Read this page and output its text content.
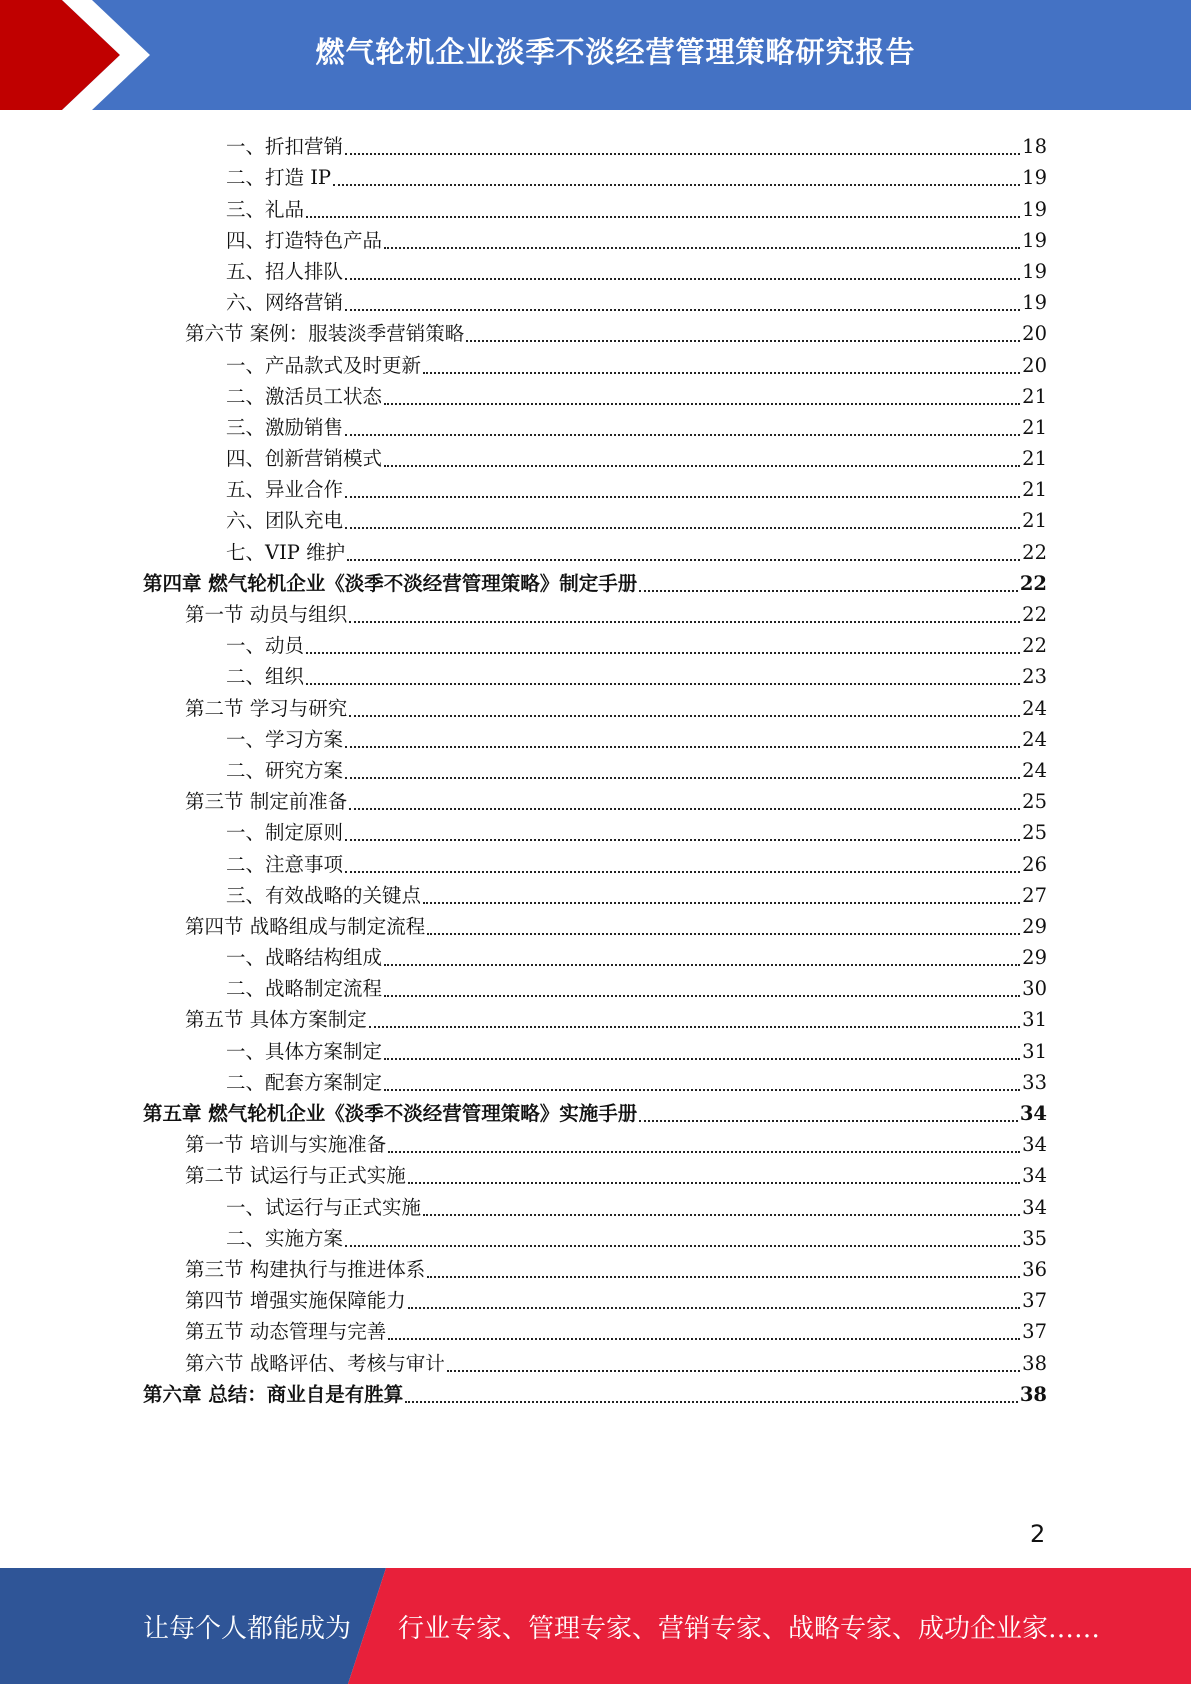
燃气轮机企业淡季不淡经营管理策略研究报告
一、折扣营销	18
二、打造 IP	19
三、礼品	19
四、打造特色产品	19
五、招人排队	19
六、网络营销	19
第六节 案例：服装淡季营销策略	20
一、产品款式及时更新	20
二、激活员工状态	21
三、激励销售	21
四、创新营销模式	21
五、异业合作	21
六、团队充电	21
七、VIP 维护	22
第四章 燃气轮机企业《淡季不淡经营管理策略》制定手册	22
第一节 动员与组织	22
一、动员	22
二、组织	23
第二节 学习与研究	24
一、学习方案	24
二、研究方案	24
第三节 制定前准备	25
一、制定原则	25
二、注意事项	26
三、有效战略的关键点	27
第四节 战略组成与制定流程	29
一、战略结构组成	29
二、战略制定流程	30
第五节 具体方案制定	31
一、具体方案制定	31
二、配套方案制定	33
第五章 燃气轮机企业《淡季不淡经营管理策略》实施手册	34
第一节 培训与实施准备	34
第二节 试运行与正式实施	34
一、试运行与正式实施	34
二、实施方案	35
第三节 构建执行与推进体系	36
第四节 增强实施保障能力	37
第五节 动态管理与完善	37
第六节 战略评估、考核与审计	38
第六章 总结：商业自是有胜算	38
2
让每个人都能成为 行业专家、管理专家、营销专家、战略专家、成功企业家……
